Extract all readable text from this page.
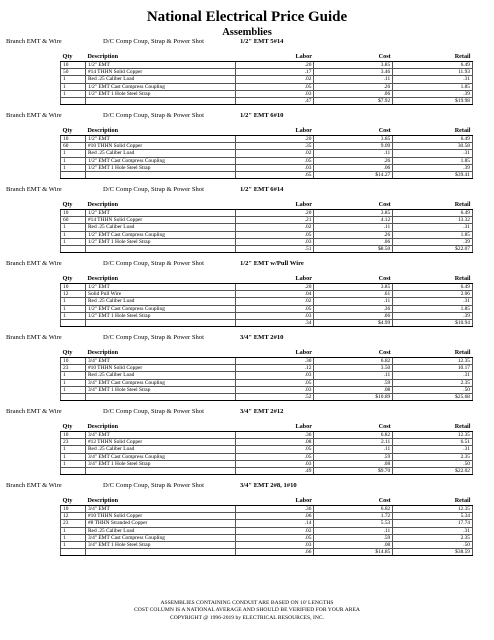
National Electrical Price Guide
Assemblies
Branch EMT & Wire	D/C Comp Coup, Strap & Power Shot	1/2" EMT 5#14
Qty	Description	Labor	Cost	Retail
10	1/2" EMT	.20	3.85	6.49
50	#14 THHN Solid Copper	.17	3.46	11.93
1	Red .25 Caliber Load	.02	.11	.31
1	1/2" EMT Cast Compress Coupling	.05	.26	1.85
1	1/2" EMT 1 Hole Steel Strap	.03	.06	.39
		.47	$7.92	$19.98
Branch EMT & Wire	D/C Comp Coup, Strap & Power Shot	1/2" EMT 6#10
Qty	Description	Labor	Cost	Retail
10	1/2" EMT	.20	3.85	6.49
60	#10 THHN Solid Copper	.35	9.09	30.58
1	Red .25 Caliber Load	.02	.11	.31
1	1/2" EMT Cast Compress Coupling	.05	.26	1.85
1	1/2" EMT 1 Hole Steel Strap	.03	.06	.39
		.65	$14.27	$39.41
Branch EMT & Wire	D/C Comp Coup, Strap & Power Shot	1/2" EMT 6#14
Qty	Description	Labor	Cost	Retail
10	1/2" EMT	.20	3.85	6.49
60	#14 THHN Solid Copper	.21	4.12	13.32
1	Red .25 Caliber Load	.02	.11	.31
1	1/2" EMT Cast Compress Coupling	.05	.26	1.85
1	1/2" EMT 1 Hole Steel Strap	.03	.06	.39
		.51	$8.50	$22.07
Branch EMT & Wire	D/C Comp Coup, Strap & Power Shot	1/2" EMT w/Pull Wire
Qty	Description	Labor	Cost	Retail
10	1/2" EMT	.20	3.85	6.49
12	Solid Pull Wire	.04	.61	2.06
1	Red .25 Caliber Load	.02	.11	.31
1	1/2" EMT Cast Compress Coupling	.05	.36	1.85
1	1/2" EMT 1 Hole Steel Strap	.03	.06	.39
		.34	$4.99	$10.94
Branch EMT & Wire	D/C Comp Coup, Strap & Power Shot	3/4" EMT 2#10
Qty	Description	Labor	Cost	Retail
10	3/4" EMT	.30	6.82	12.35
23	#10 THHN Solid Copper	.12	3.50	10.17
1	Red .25 Caliber Load	.03	.11	.31
1	3/4" EMT Cast Compress Coupling	.05	.59	2.35
1	3/4" EMT 1 Hole Steel Strap	.03	.08	.50
		.52	$10.89	$25.68
Branch EMT & Wire	D/C Comp Coup, Strap & Power Shot	3/4" EMT 2#12
Qty	Description	Labor	Cost	Retail
10	3/4" EMT	.36	6.82	12.35
23	#12 THHN Solid Copper	.08	2.11	6.51
1	Red .25 Caliber Load	.05	.11	.31
1	3/4" EMT Cast Compress Coupling	.05	.59	2.35
1	3/4" EMT 1 Hole Steel Strap	.03	.08	.50
		.49	$9.70	$22.02
Branch EMT & Wire	D/C Comp Coup, Strap & Power Shot	3/4" EMT 2#8, 1#10
Qty	Description	Labor	Cost	Retail
10	3/4" EMT	.36	6.82	12.35
12	#10 THHN Solid Copper	.06	1.72	5.34
23	#8 THHN Stranded Copper	.14	5.53	17.74
1	Red .25 Caliber Load	.02	.11	.31
1	3/4" EMT Cast Compress Coupling	.05	.59	2.35
1	3/4" EMT 1 Hole Steel Strap	.03	.08	.50
		.66	$14.85	$38.59
ASSEMBLIES CONTAINING CONDUIT ARE BASED ON 10' LENGTHS
COST COLUMN IS A NATIONAL AVERAGE AND SHOULD BE VERIFIED FOR YOUR AREA
COPYRIGHT @ 1996-2019 by ELECTRICAL RESOURCES, INC.
